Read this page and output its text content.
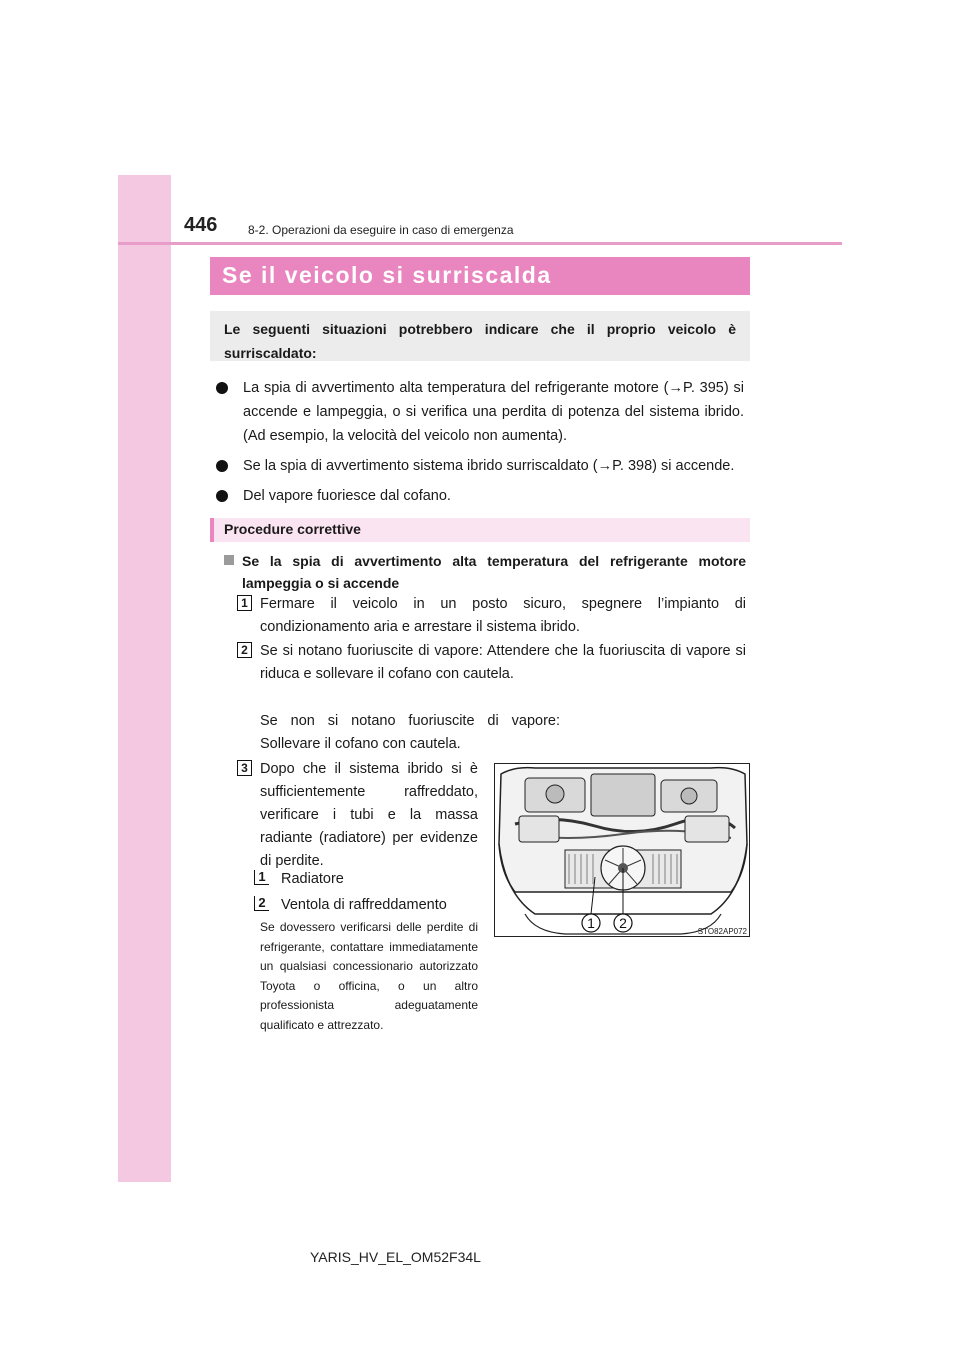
446	8-2. Operazioni da eseguire in caso di emergenza
Se il veicolo si surriscalda
Le seguenti situazioni potrebbero indicare che il proprio veicolo è surriscaldato:
La spia di avvertimento alta temperatura del refrigerante motore (→P. 395) si accende e lampeggia, o si verifica una perdita di potenza del sistema ibrido. (Ad esempio, la velocità del veicolo non aumenta).
Se la spia di avvertimento sistema ibrido surriscaldato (→P. 398) si accende.
Del vapore fuoriesce dal cofano.
Procedure correttive
Se la spia di avvertimento alta temperatura del refrigerante motore lampeggia o si accende
1 Fermare il veicolo in un posto sicuro, spegnere l’impianto di condizionamento aria e arrestare il sistema ibrido.
2 Se si notano fuoriuscite di vapore: Attendere che la fuoriuscita di vapore si riduca e sollevare il cofano con cautela.
Se non si notano fuoriuscite di vapore: Sollevare il cofano con cautela.
3 Dopo che il sistema ibrido si è sufficientemente raffreddato, verificare i tubi e la massa radiante (radiatore) per evidenze di perdite.
1 Radiatore
2 Ventola di raffreddamento
Se dovessero verificarsi delle perdite di refrigerante, contattare immediatamente un qualsiasi concessionario autorizzato Toyota o officina, o un altro professionista adeguatamente qualificato e attrezzato.
1 2
STO82AP072
YARIS_HV_EL_OM52F34L
